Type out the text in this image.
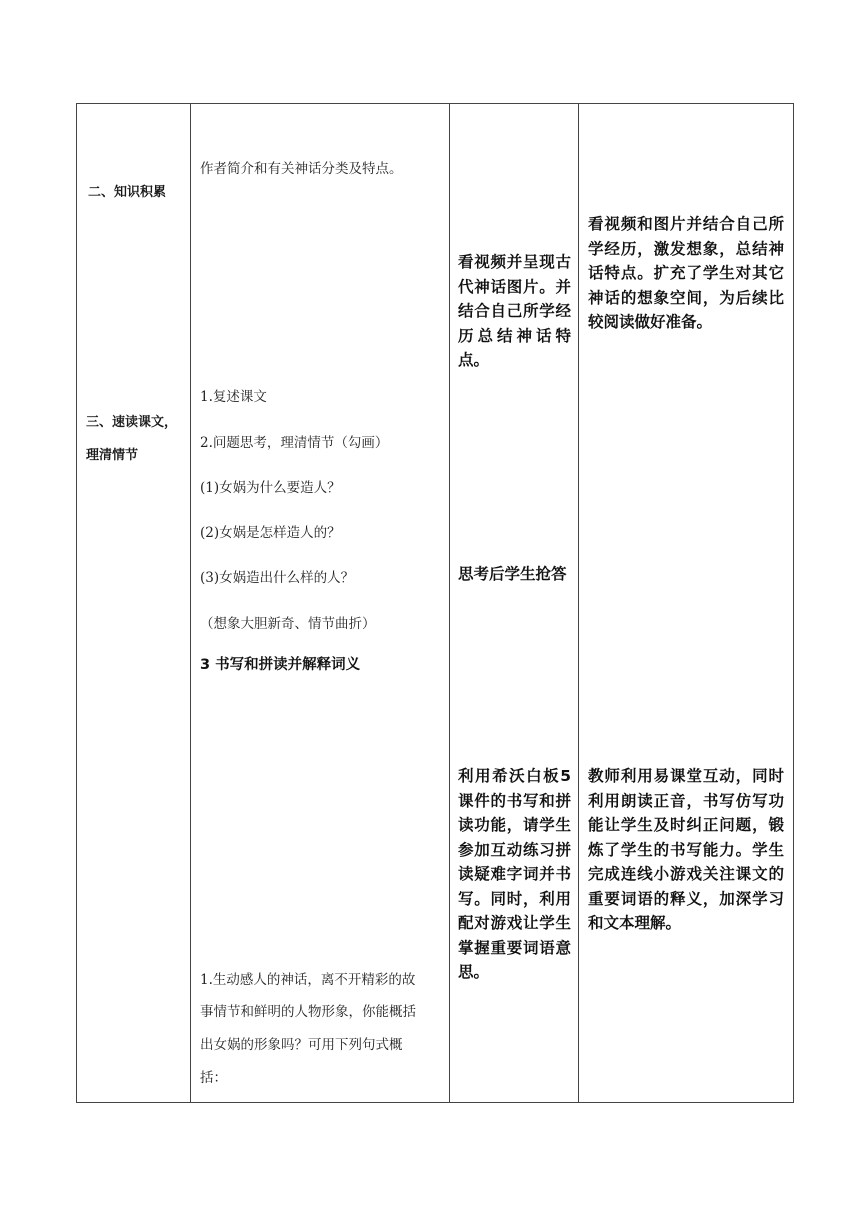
二、知识积累
三、速读课文，
理清情节
作者简介和有关神话分类及特点。
1.复述课文
2.问题思考，理清情节（勾画）
(1)女娲为什么要造人？
(2)女娲是怎样造人的？
(3)女娲造出什么样的人？
（想象大胆新奇、情节曲折）
3 书写和拼读并解释词义
1.生动感人的神话，离不开精彩的故
事情节和鲜明的人物形象，你能概括
出女娲的形象吗？可用下列句式概
括：
看视频并呈现古代神话图片。并结合自己所学经历总结神话特点。
思考后学生抢答
利用希沃白板5课件的书写和拼读功能，请学生参加互动练习拼读疑难字词并书写。同时，利用配对游戏让学生掌握重要词语意思。
看视频和图片并结合自己所学经历，激发想象，总结神话特点。扩充了学生对其它神话的想象空间，为后续比较阅读做好准备。
教师利用易课堂互动，同时利用朗读正音，书写仿写功能让学生及时纠正问题，锻炼了学生的书写能力。学生完成连线小游戏关注课文的重要词语的释义，加深学习和文本理解。
